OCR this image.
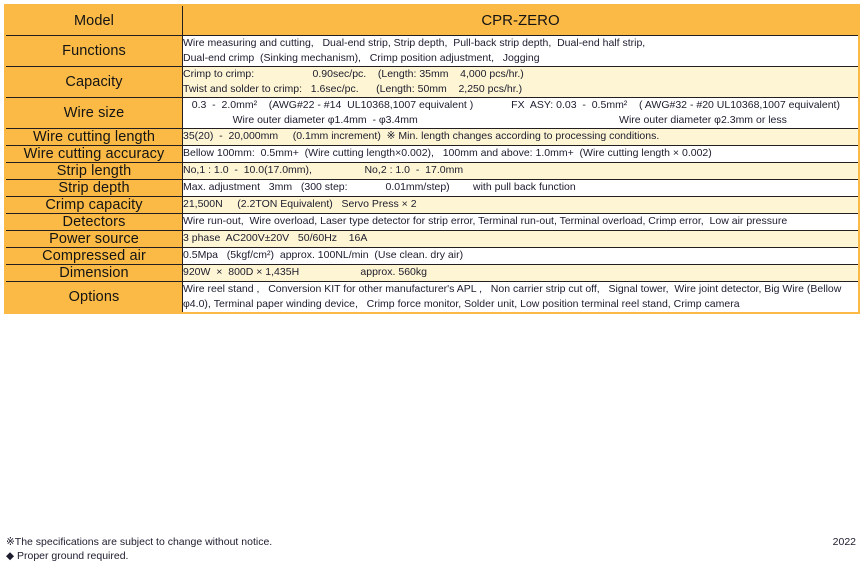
Model	CPR-ZERO
Functions	Wire measuring and cutting,   Dual-end strip, Strip depth,  Pull-back strip depth,  Dual-end half strip,
Dual-end crimp  (Sinking mechanism),   Crimp position adjustment,   Jogging

Capacity	Crimp to crimp:                    0.90sec/pc.    (Length: 35mm    4,000 pcs/hr.)
Twist and solder to crimp:   1.6sec/pc.      (Length: 50mm    2,250 pcs/hr.)

Wire size	0.3  -  2.0mm²    (AWG#22 - #14  UL10368,1007 equivalent )             FX  ASY: 0.03  -  0.5mm²    ( AWG#32 - #20 UL10368,1007 equivalent)
Wire outer diameter φ1.4mm  - φ3.4mm                                                                     Wire outer diameter φ2.3mm or less

Wire cutting length	35(20)  -  20,000mm     (0.1mm increment)  ※ Min. length changes according to processing conditions.

Wire cutting accuracy	Bellow 100mm:  0.5mm+  (Wire cutting length×0.002),   100mm and above: 1.0mm+  (Wire cutting length × 0.002)

Strip length	No,1 : 1.0  -  10.0(17.0mm),                  No,2 : 1.0  -  17.0mm

Strip depth	Max. adjustment   3mm   (300 step:             0.01mm/step)        with pull back function

Crimp capacity	21,500N     (2.2TON Equivalent)   Servo Press × 2

Detectors	Wire run-out,  Wire overload, Laser type detector for strip error, Terminal run-out, Terminal overload, Crimp error,  Low air pressure

Power source	3 phase  AC200V±20V   50/60Hz    16A

Compressed air	0.5Mpa   (5kgf/cm²)  approx. 100NL/min  (Use clean. dry air)

Dimension	920W  ×  800D × 1,435H                     approx. 560kg

Options	Wire reel stand ,   Conversion KIT for other manufacturer's APL ,   Non carrier strip cut off,   Signal tower,  Wire joint detector, Big Wire (Bellow
φ4.0), Terminal paper winding device,   Crimp force monitor, Solder unit, Low position terminal reel stand, Crimp camera
※The specifications are subject to change without notice.
◆ Proper ground required.
2022
